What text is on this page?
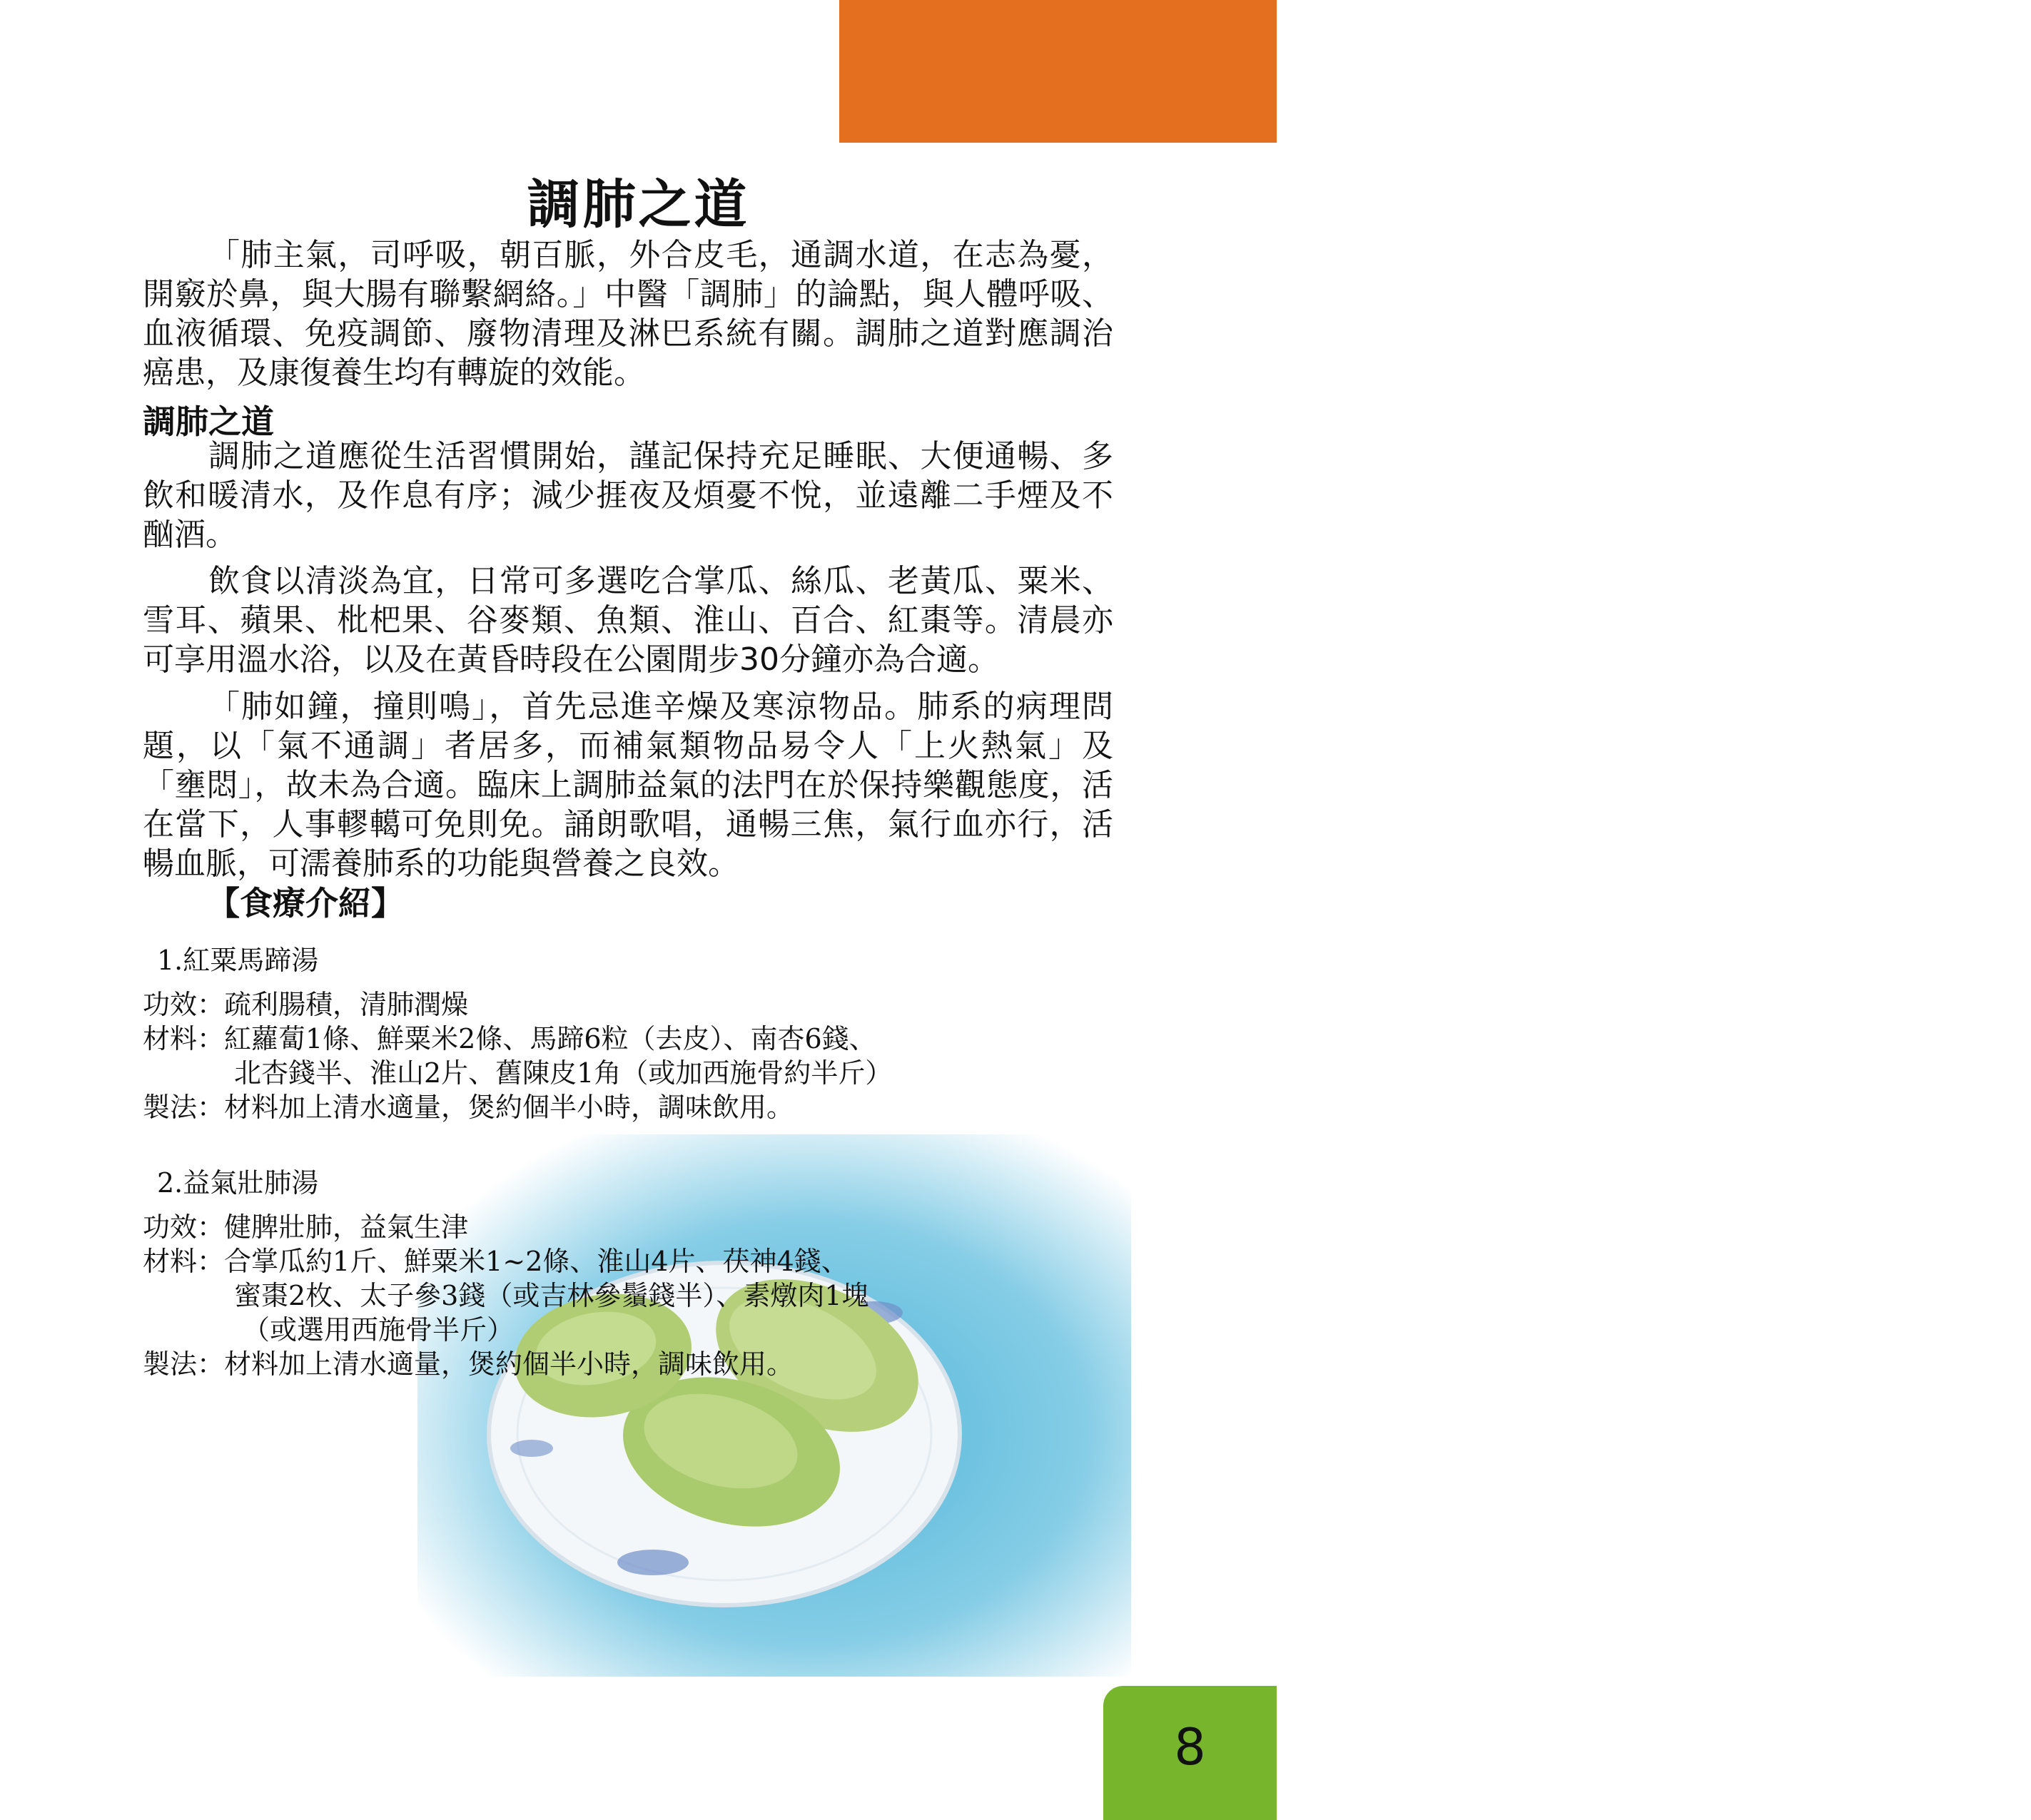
通衡療法篇
調肺之道
「肺主氣，司呼吸，朝百脈，外合皮毛，通調水道，在志為憂，開竅於鼻，與大腸有聯繫網絡。」中醫「調肺」的論點，與人體呼吸、血液循環、免疫調節、廢物清理及淋巴系統有關。調肺之道對應調治癌患，及康復養生均有轉旋的效能。
調肺之道
調肺之道應從生活習慣開始，謹記保持充足睡眠、大便通暢、多飲和暖清水，及作息有序；減少捱夜及煩憂不悅，並遠離二手煙及不酗酒。
飲食以清淡為宜，日常可多選吃合掌瓜、絲瓜、老黃瓜、粟米、雪耳、蘋果、枇杷果、谷麥類、魚類、淮山、百合、紅棗等。清晨亦可享用溫水浴，以及在黃昏時段在公園閒步30分鐘亦為合適。
「肺如鐘，撞則鳴」，首先忌進辛燥及寒涼物品。肺系的病理問題，以「氣不通調」者居多，而補氣類物品易令人「上火熱氣」及「壅悶」，故未為合適。臨床上調肺益氣的法門在於保持樂觀態度，活在當下，人事轇轕可免則免。誦朗歌唱，通暢三焦，氣行血亦行，活暢血脈，可濡養肺系的功能與營養之良效。
【食療介紹】
1.紅粟馬蹄湯
功效：疏利腸積，清肺潤燥
材料：紅蘿蔔1條、鮮粟米2條、馬蹄6粒（去皮）、南杏6錢、
北杏錢半、淮山2片、舊陳皮1角（或加西施骨約半斤）
製法：材料加上清水適量，煲約個半小時，調味飲用。
2.益氣壯肺湯
功效：健脾壯肺，益氣生津
材料：合掌瓜約1斤、鮮粟米1~2條、淮山4片、茯神4錢、
蜜棗2枚、太子參3錢（或吉林參鬚錢半）、素燉肉1塊
（或選用西施骨半斤）
製法：材料加上清水適量，煲約個半小時，調味飲用。
8
